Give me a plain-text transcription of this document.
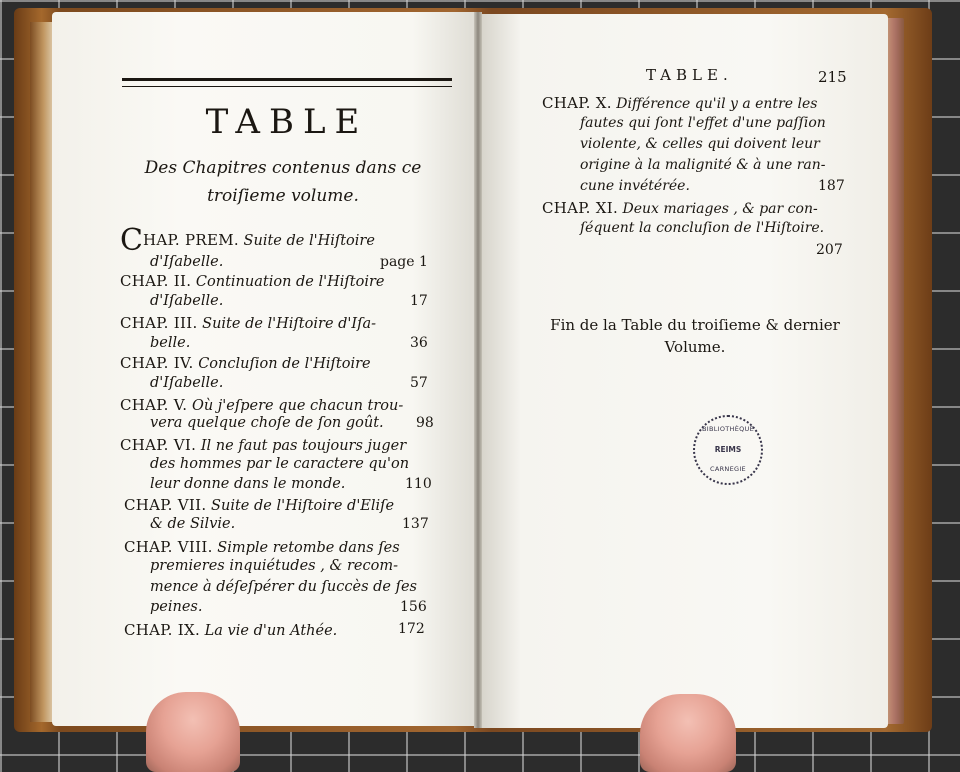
TABLE
Des Chapitres contenus dans ce
troiſieme volume.
CHAP. PREM. Suite de l'Hiſtoire
d'Iſabelle.	page 1
CHAP. II. Continuation de l'Hiſtoire
d'Iſabelle.	17
CHAP. III. Suite de l'Hiſtoire d'Iſa-
belle.	36
CHAP. IV. Concluſion de l'Hiſtoire
d'Iſabelle.	57
CHAP. V. Où j'eſpere que chacun trou-
vera quelque choſe de ſon goût. 98
CHAP. VI. Il ne faut pas toujours juger
des hommes par le caractere qu'on
leur donne dans le monde.	110
CHAP. VII. Suite de l'Hiſtoire d'Eliſe
& de Silvie.	137
CHAP. VIII. Simple retombe dans ſes
premieres inquiétudes , & recom-
mence à déſeſpérer du ſuccès de ſes
peines.	156
CHAP. IX. La vie d'un Athée.	172
TABLE.	215
CHAP. X. Différence qu'il y a entre les
fautes qui ſont l'effet d'une paſſion
violente, & celles qui doivent leur
origine à la malignité & à une ran-
cune invétérée.	187
CHAP. XI. Deux mariages , & par con-
ſéquent la concluſion de l'Hiſtoire.
207
Fin de la Table du troiſieme & dernier
Volume.
BIBLIOTHÈQUE
REIMS
CARNEGIE
